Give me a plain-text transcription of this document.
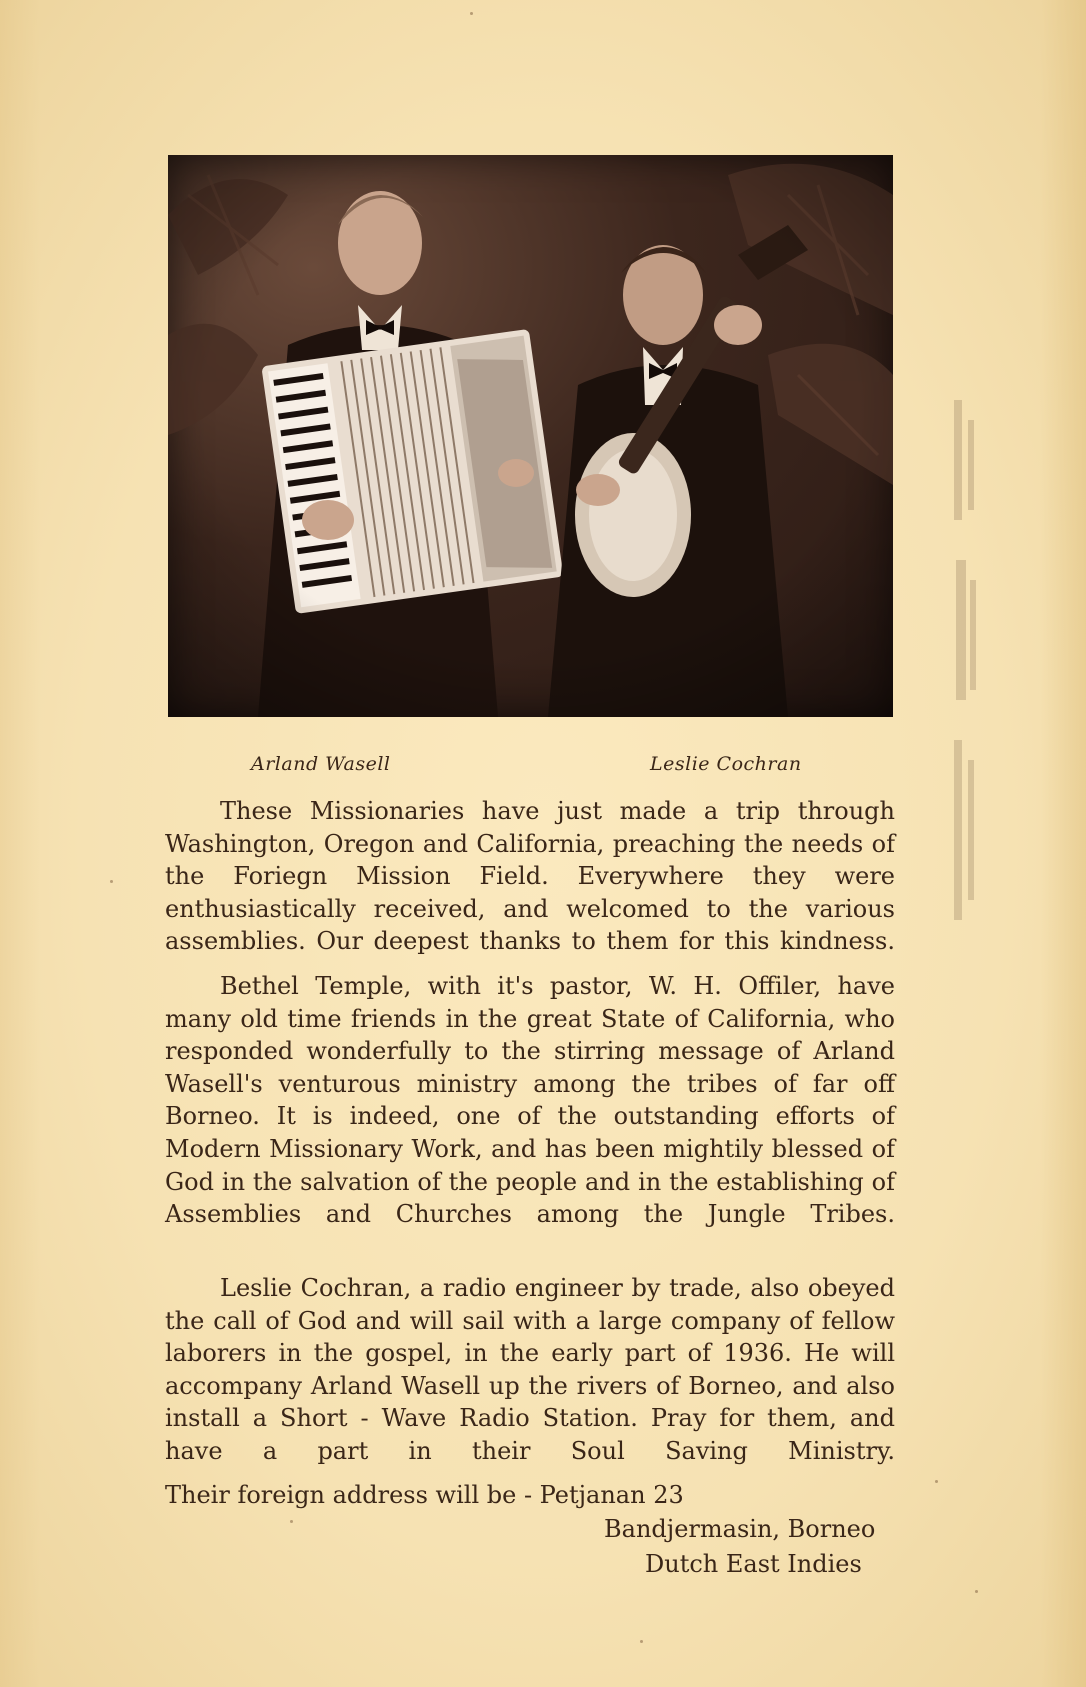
Arland Wasell	Leslie Cochran

These Missionaries have just made a trip through Washington, Oregon and California, preaching the needs of the Foriegn Mission Field. Everywhere they were enthusiastically received, and welcomed to the various assemblies. Our deepest thanks to them for this kindness.

Bethel Temple, with it's pastor, W. H. Offiler, have many old time friends in the great State of California, who responded wonderfully to the stirring message of Arland Wasell's venturous ministry among the tribes of far off Borneo. It is indeed, one of the outstanding efforts of Modern Missionary Work, and has been mightily blessed of God in the salvation of the people and in the establishing of Assemblies and Churches among the Jungle Tribes.

Leslie Cochran, a radio engineer by trade, also obeyed the call of God and will sail with a large company of fellow laborers in the gospel, in the early part of 1936. He will accompany Arland Wasell up the rivers of Borneo, and also install a Short - Wave Radio Station. Pray for them, and have a part in their Soul Saving Ministry.

Their foreign address will be - Petjanan 23
Bandjermasin, Borneo
Dutch East Indies
